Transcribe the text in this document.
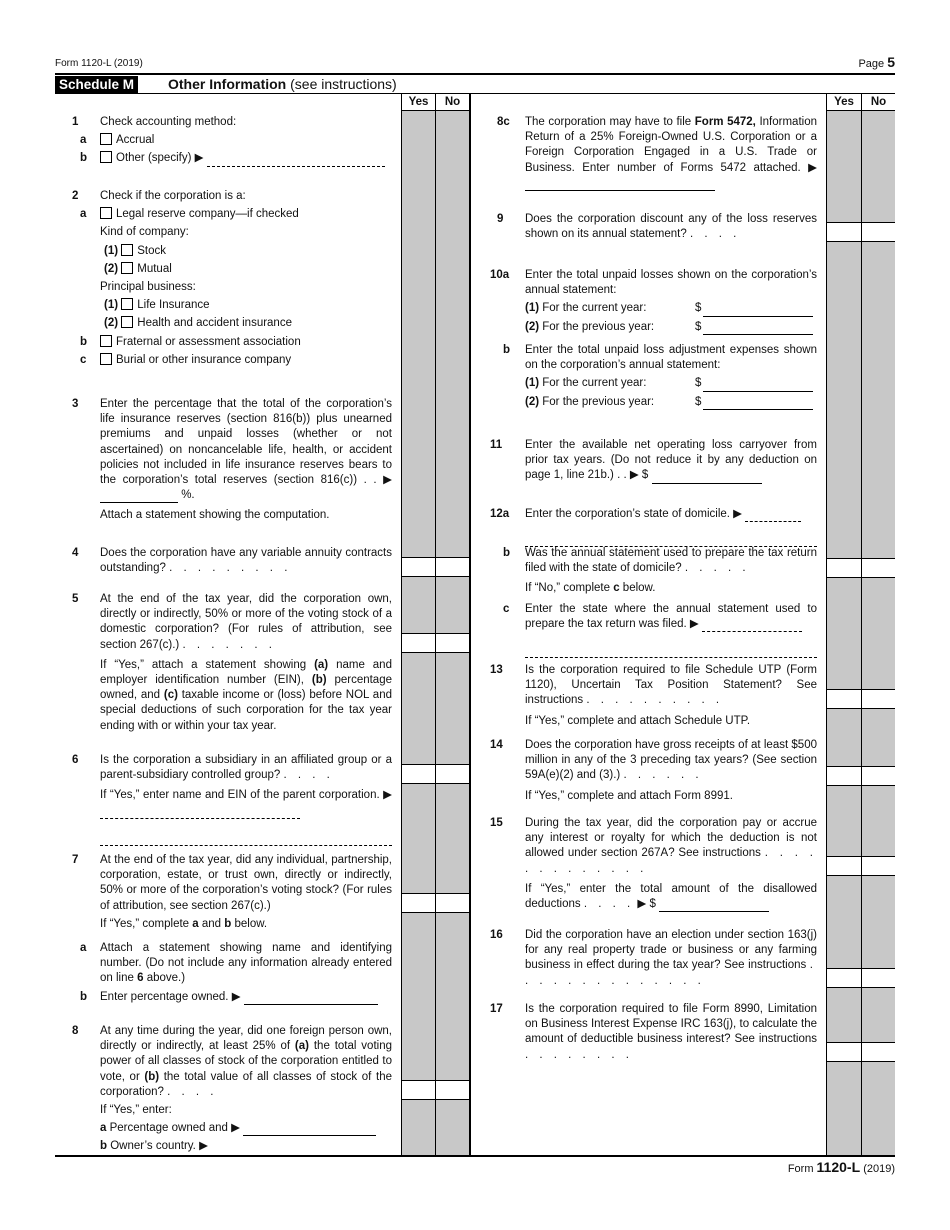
Form 1120-L (2019)	Page 5
Schedule M Other Information (see instructions)
Yes	No	Yes	No
Form 1120-L (2019)
1 Check accounting method:
a	Accrual
b	Other (specify) ▶
2 Check if the corporation is a:
a	Legal reserve company—if checked
Kind of company:
(1) Stock
(2) Mutual
Principal business:
(1) Life Insurance
(2) Health and accident insurance
b	Fraternal or assessment association
c	Burial or other insurance company
3 Enter the percentage that the total of the corporation’s life insurance reserves (section 816(b)) plus unearned premiums and unpaid losses (whether or not ascertained) on noncancelable life, health, or accident policies not included in life insurance reserves bears to the corporation’s total reserves (section 816(c)) . . ▶  %.
Attach a statement showing the computation.
4 Does the corporation have any variable annuity contracts outstanding? . . . . . . . . .
5 At the end of the tax year, did the corporation own, directly or indirectly, 50% or more of the voting stock of a domestic corporation? (For rules of attribution, see section 267(c).) . . . . . . .
If “Yes,” attach a statement showing (a) name and employer identification number (EIN), (b) percentage owned, and (c) taxable income or (loss) before NOL and special deductions of such corporation for the tax year ending with or within your tax year.
6 Is the corporation a subsidiary in an affiliated group or a parent-subsidiary controlled group? . . . .
If “Yes,” enter name and EIN of the parent corporation. ▶
7 At the end of the tax year, did any individual, partnership, corporation, estate, or trust own, directly or indirectly, 50% or more of the corporation’s voting stock? (For rules of attribution, see section 267(c).)
If “Yes,” complete a and b below.
a Attach a statement showing name and identifying number. (Do not include any information already entered on line 6 above.)
b Enter percentage owned. ▶
8 At any time during the year, did one foreign person own, directly or indirectly, at least 25% of (a) the total voting power of all classes of stock of the corporation entitled to vote, or (b) the total value of all classes of stock of the corporation? . . . .
If “Yes,” enter:
a Percentage owned and ▶
b Owner’s country. ▶
8c The corporation may have to file Form 5472, Information Return of a 25% Foreign-Owned U.S. Corporation or a Foreign Corporation Engaged in a U.S. Trade or Business. Enter number of Forms 5472 attached. ▶
9 Does the corporation discount any of the loss reserves shown on its annual statement? . . . .
10a Enter the total unpaid losses shown on the corporation’s annual statement:
(1) For the current year:	$
(2) For the previous year:	$
b Enter the total unpaid loss adjustment expenses shown on the corporation’s annual statement:
(1) For the current year:	$
(2) For the previous year:	$
11 Enter the available net operating loss carryover from prior tax years. (Do not reduce it by any deduction on page 1, line 21b.) . . ▶ $
12a Enter the corporation’s state of domicile. ▶
b Was the annual statement used to prepare the tax return filed with the state of domicile? . . . . .
If “No,” complete c below.
c Enter the state where the annual statement used to prepare the tax return was filed. ▶
13 Is the corporation required to file Schedule UTP (Form 1120), Uncertain Tax Position Statement? See instructions . . . . . . . . . .
If “Yes,” complete and attach Schedule UTP.
14 Does the corporation have gross receipts of at least $500 million in any of the 3 preceding tax years? (See section 59A(e)(2) and (3).) . . . . . .
If “Yes,” complete and attach Form 8991.
15 During the tax year, did the corporation pay or accrue any interest or royalty for which the deduction is not allowed under section 267A? See instructions . . . . . . . . . . . . .
If “Yes,” enter the total amount of the disallowed deductions . . . . ▶ $
16 Did the corporation have an election under section 163(j) for any real property trade or business or any farming business in effect during the tax year? See instructions . . . . . . . . . . . . . .
17 Is the corporation required to file Form 8990, Limitation on Business Interest Expense IRC 163(j), to calculate the amount of deductible business interest? See instructions . . . . . . . .
